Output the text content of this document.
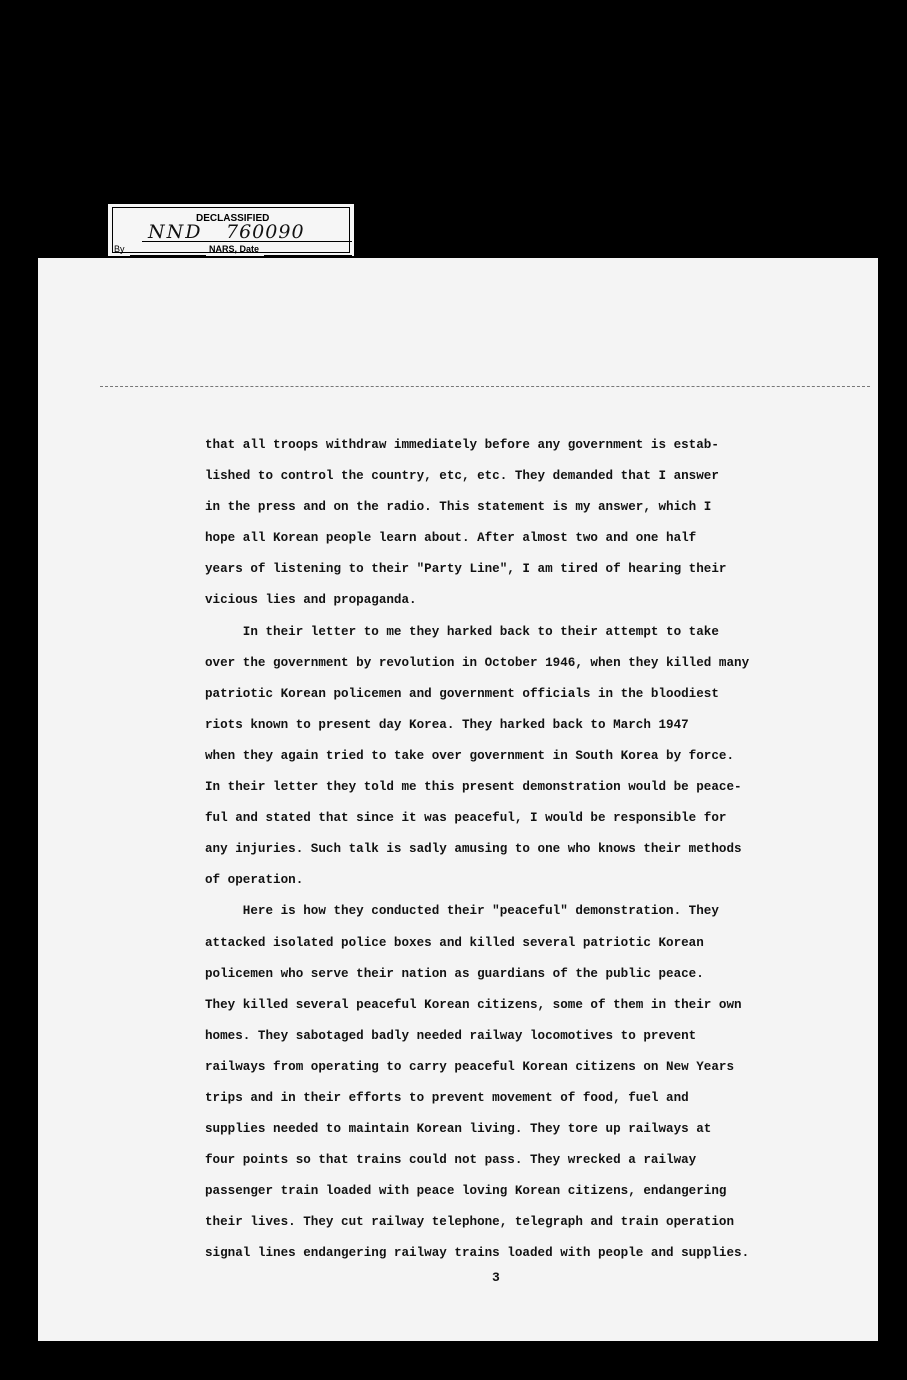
DECLASSIFIED
NND 760090
By	NARS, Date
that all troops withdraw immediately before any government is estab-
lished to control the country, etc, etc. They demanded that I answer
in the press and on the radio. This statement is my answer, which I
hope all Korean people learn about. After almost two and one half
years of listening to their "Party Line", I am tired of hearing their
vicious lies and propaganda.
In their letter to me they harked back to their attempt to take
over the government by revolution in October 1946, when they killed many
patriotic Korean policemen and government officials in the bloodiest
riots known to present day Korea. They harked back to March 1947
when they again tried to take over government in South Korea by force.
In their letter they told me this present demonstration would be peace-
ful and stated that since it was peaceful, I would be responsible for
any injuries. Such talk is sadly amusing to one who knows their methods
of operation.
Here is how they conducted their "peaceful" demonstration. They
attacked isolated police boxes and killed several patriotic Korean
policemen who serve their nation as guardians of the public peace.
They killed several peaceful Korean citizens, some of them in their own
homes. They sabotaged badly needed railway locomotives to prevent
railways from operating to carry peaceful Korean citizens on New Years
trips and in their efforts to prevent movement of food, fuel and
supplies needed to maintain Korean living. They tore up railways at
four points so that trains could not pass. They wrecked a railway
passenger train loaded with peace loving Korean citizens, endangering
their lives. They cut railway telephone, telegraph and train operation
signal lines endangering railway trains loaded with people and supplies.
3
